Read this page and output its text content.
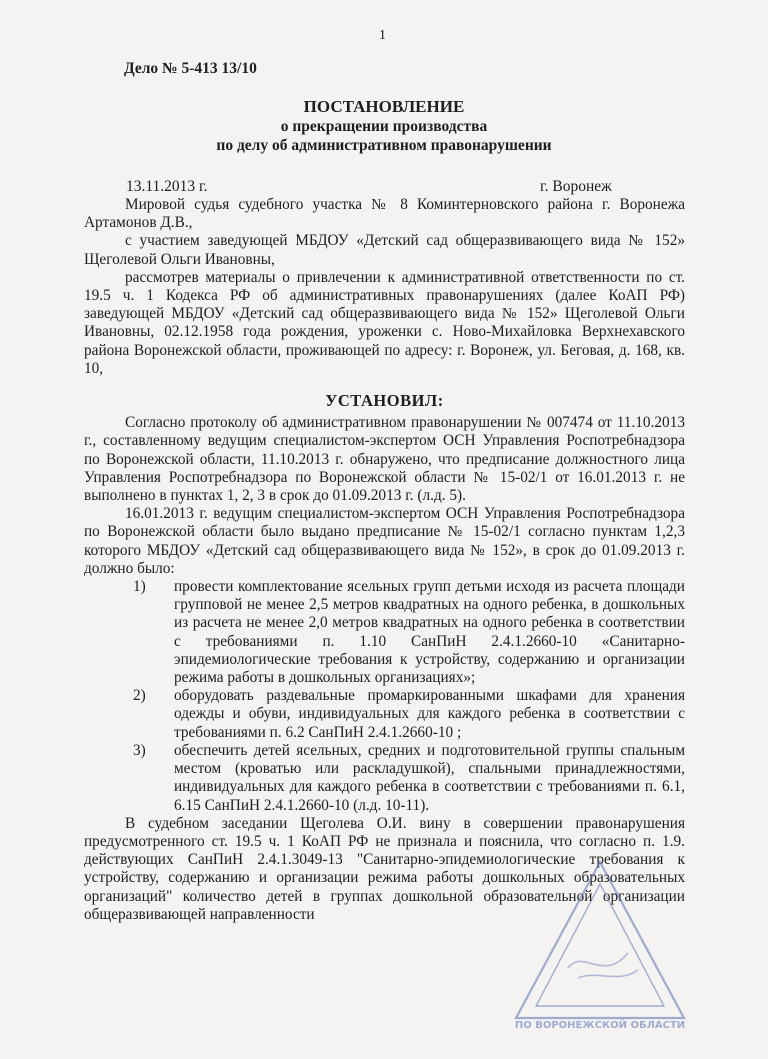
1
Дело № 5-413 13/10
ПОСТАНОВЛЕНИЕ
о прекращении производства
по делу об административном правонарушении
13.11.2013 г.	г. Воронеж

Мировой судья судебного участка № 8 Коминтерновского района г. Воронежа Артамонов Д.В.,

с участием заведующей МБДОУ «Детский сад общеразвивающего вида № 152» Щеголевой Ольги Ивановны,

рассмотрев материалы о привлечении к административной ответственности по ст. 19.5 ч. 1 Кодекса РФ об административных правонарушениях (далее КоАП РФ) заведующей МБДОУ «Детский сад общеразвивающего вида № 152» Щеголевой Ольги Ивановны, 02.12.1958 года рождения, уроженки с. Ново-Михайловка Верхнехавского района Воронежской области, проживающей по адресу: г. Воронеж, ул. Беговая, д. 168, кв. 10,

УСТАНОВИЛ:

Согласно протоколу об административном правонарушении № 007474 от 11.10.2013 г., составленному ведущим специалистом-экспертом ОСН Управления Роспотребнадзора по Воронежской области, 11.10.2013 г. обнаружено, что предписание должностного лица Управления Роспотребнадзора по Воронежской области № 15-02/1 от 16.01.2013 г. не выполнено в пунктах 1, 2, 3 в срок до 01.09.2013 г. (л.д. 5).

16.01.2013 г. ведущим специалистом-экспертом ОСН Управления Роспотребнадзора по Воронежской области было выдано предписание № 15-02/1 согласно пунктам 1,2,3 которого МБДОУ «Детский сад общеразвивающего вида № 152», в срок до 01.09.2013 г. должно было:

1)	провести комплектование ясельных групп детьми исходя из расчета площади групповой не менее 2,5 метров квадратных на одного ребенка, в дошкольных из расчета не менее 2,0 метров квадратных на одного ребенка в соответствии с требованиями п. 1.10 СанПиН 2.4.1.2660-10 «Санитарно-эпидемиологические требования к устройству, содержанию и организации режима работы в дошкольных организациях»;
2)	оборудовать раздевальные промаркированными шкафами для хранения одежды и обуви, индивидуальных для каждого ребенка в соответствии с требованиями п. 6.2 СанПиН 2.4.1.2660-10 ;
3)	обеспечить детей ясельных, средних и подготовительной группы спальным местом (кроватью или раскладушкой), спальными принадлежностями, индивидуальных для каждого ребенка в соответствии с требованиями п. 6.1, 6.15 СанПиН 2.4.1.2660-10 (л.д. 10-11).

В судебном заседании Щеголева О.И. вину в совершении правонарушения предусмотренного ст. 19.5 ч. 1 КоАП РФ не признала и пояснила, что согласно п. 1.9. действующих СанПиН 2.4.1.3049-13 "Санитарно-эпидемиологические требования к устройству, содержанию и организации режима работы дошкольных образовательных организаций" количество детей в группах дошкольной образовательной организации общеразвивающей направленности

ПО ВОРОНЕЖСКОЙ ОБЛАСТИ
